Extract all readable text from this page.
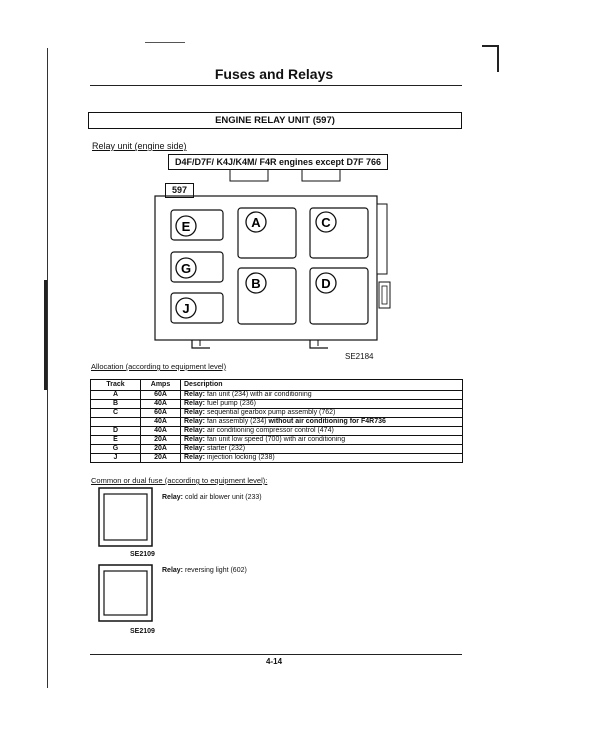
Fuses and Relays
ENGINE RELAY UNIT (597)
Relay unit (engine side)
E	A	C
G
B	D
J
D4F/D7F/ K4J/K4M/ F4R engines except D7F 766
597
SE2184
Allocation (according to equipment level)
Track	Amps	Description
A	60A	Relay: fan unit (234) with air conditioning
B	40A	Relay: fuel pump (236)
C	60A	Relay: sequential gearbox pump assembly (762)
	40A	Relay: fan assembly (234) without air conditioning for F4R736
D	40A	Relay: air conditioning compressor control (474)
E	20A	Relay: fan unit low speed (700) with air conditioning
G	20A	Relay: starter (232)
J	20A	Relay: injection locking (238)
Common or dual fuse (according to equipment level):
Relay: cold air blower unit (233)
SE2109
Relay: reversing light (602)
SE2109
4-14
